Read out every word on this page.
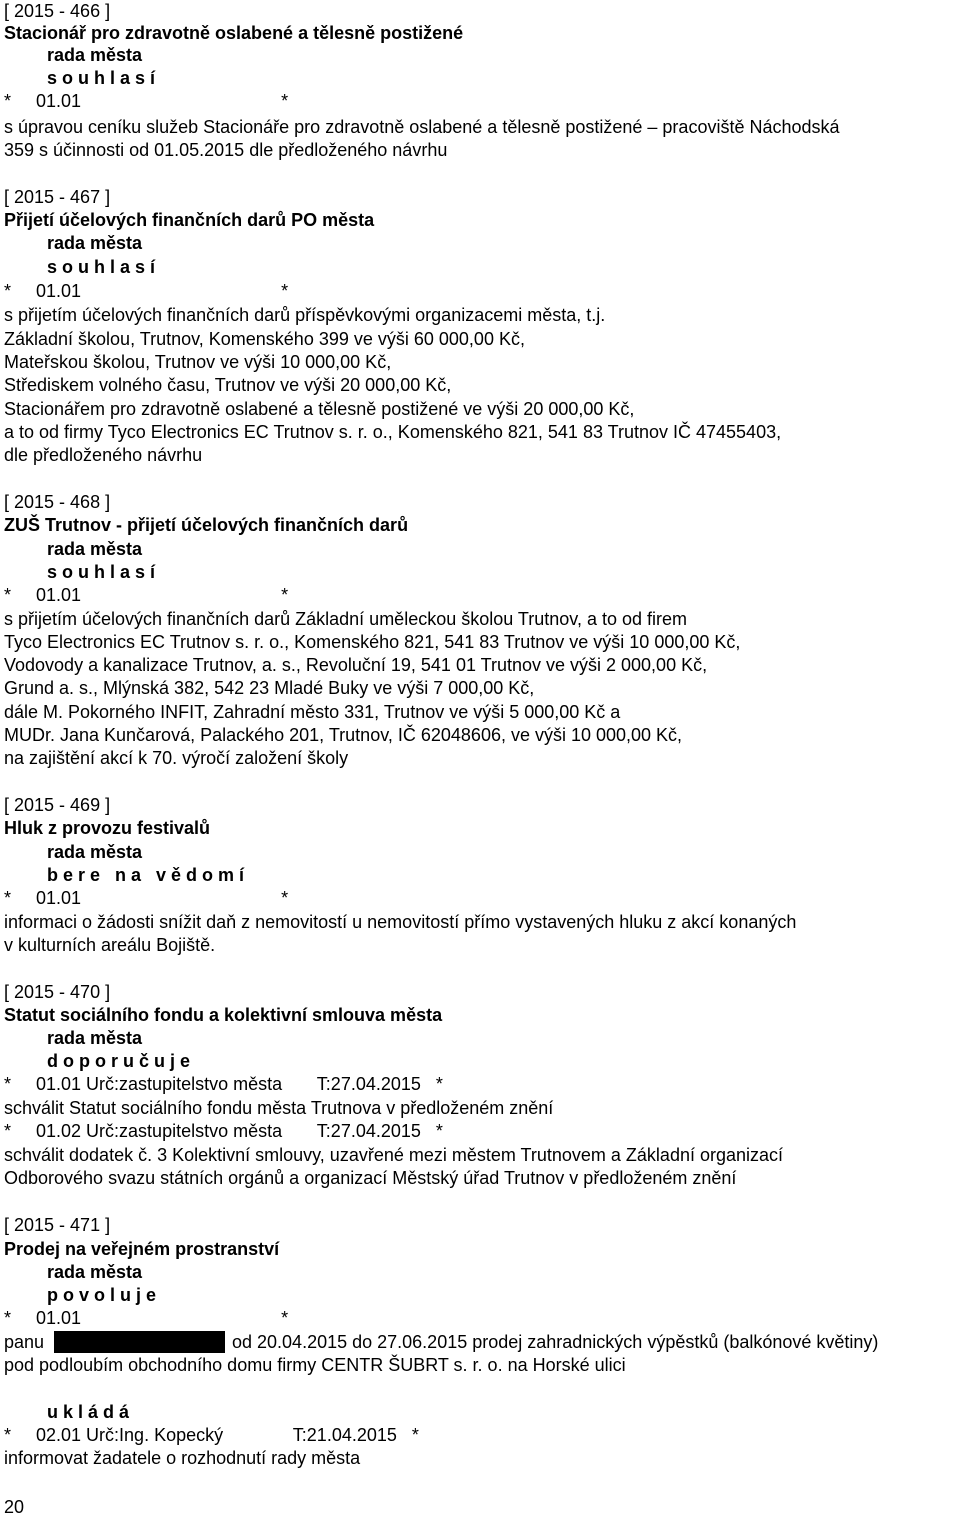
[ 2015 - 466 ]
Stacionář pro zdravotně oslabené a tělesně postižené
rada města
s o u h l a s í
*     01.01                                        *
s úpravou ceníku služeb Stacionáře pro zdravotně oslabené a tělesně postižené – pracoviště Náchodská
359 s účinnosti od 01.05.2015 dle předloženého návrhu
[ 2015 - 467 ]
Přijetí účelových finančních darů PO města
rada města
s o u h l a s í
*     01.01                                        *
s přijetím účelových finančních darů příspěvkovými organizacemi města, t.j.
Základní školou, Trutnov, Komenského 399 ve výši 60 000,00 Kč,
Mateřskou školou, Trutnov ve výši 10 000,00 Kč,
Střediskem volného času, Trutnov ve výši 20 000,00 Kč,
Stacionářem pro zdravotně oslabené a tělesně postižené ve výši 20 000,00 Kč,
a to od firmy Tyco Electronics EC Trutnov s. r. o., Komenského 821, 541 83 Trutnov IČ 47455403,
dle předloženého návrhu
[ 2015 - 468 ]
ZUŠ Trutnov - přijetí účelových finančních darů
rada města
s o u h l a s í
*     01.01                                        *
s přijetím účelových finančních darů Základní uměleckou školou Trutnov, a to od firem
Tyco Electronics EC Trutnov s. r. o., Komenského 821, 541 83 Trutnov ve výši 10 000,00 Kč,
Vodovody a kanalizace Trutnov, a. s., Revoluční 19, 541 01 Trutnov ve výši 2 000,00 Kč,
Grund a. s., Mlýnská 382, 542 23 Mladé Buky ve výši 7 000,00 Kč,
dále M. Pokorného INFIT, Zahradní město 331, Trutnov ve výši 5 000,00 Kč a
MUDr. Jana Kunčarová, Palackého 201, Trutnov, IČ 62048606, ve výši 10 000,00 Kč,
na zajištění akcí k 70. výročí založení školy
[ 2015 - 469 ]
Hluk z provozu festivalů
rada města
b e r e   n a   v ě d o m í
*     01.01                                        *
informaci o žádosti snížit daň z nemovitostí u nemovitostí přímo vystavených hluku z akcí konaných
v kulturních areálu Bojiště.
[ 2015 - 470 ]
Statut sociálního fondu a kolektivní smlouva města
rada města
d o p o r u č u j e
*     01.01 Urč:zastupitelstvo města       T:27.04.2015   *
schválit Statut sociálního fondu města Trutnova v předloženém znění
*     01.02 Urč:zastupitelstvo města       T:27.04.2015   *
schválit dodatek č. 3 Kolektivní smlouvy, uzavřené mezi městem Trutnovem a Základní organizací
Odborového svazu státních orgánů a organizací Městský úřad Trutnov v předloženém znění
[ 2015 - 471 ]
Prodej na veřejném prostranství
rada města
p o v o l u j e
*     01.01                                        *
panu	od 20.04.2015 do 27.06.2015 prodej zahradnických výpěstků (balkónové květiny)
pod podloubím obchodního domu firmy CENTR ŠUBRT s. r. o. na Horské ulici
u k l á d á
*     02.01 Urč:Ing. Kopecký              T:21.04.2015   *
informovat žadatele o rozhodnutí rady města
20
